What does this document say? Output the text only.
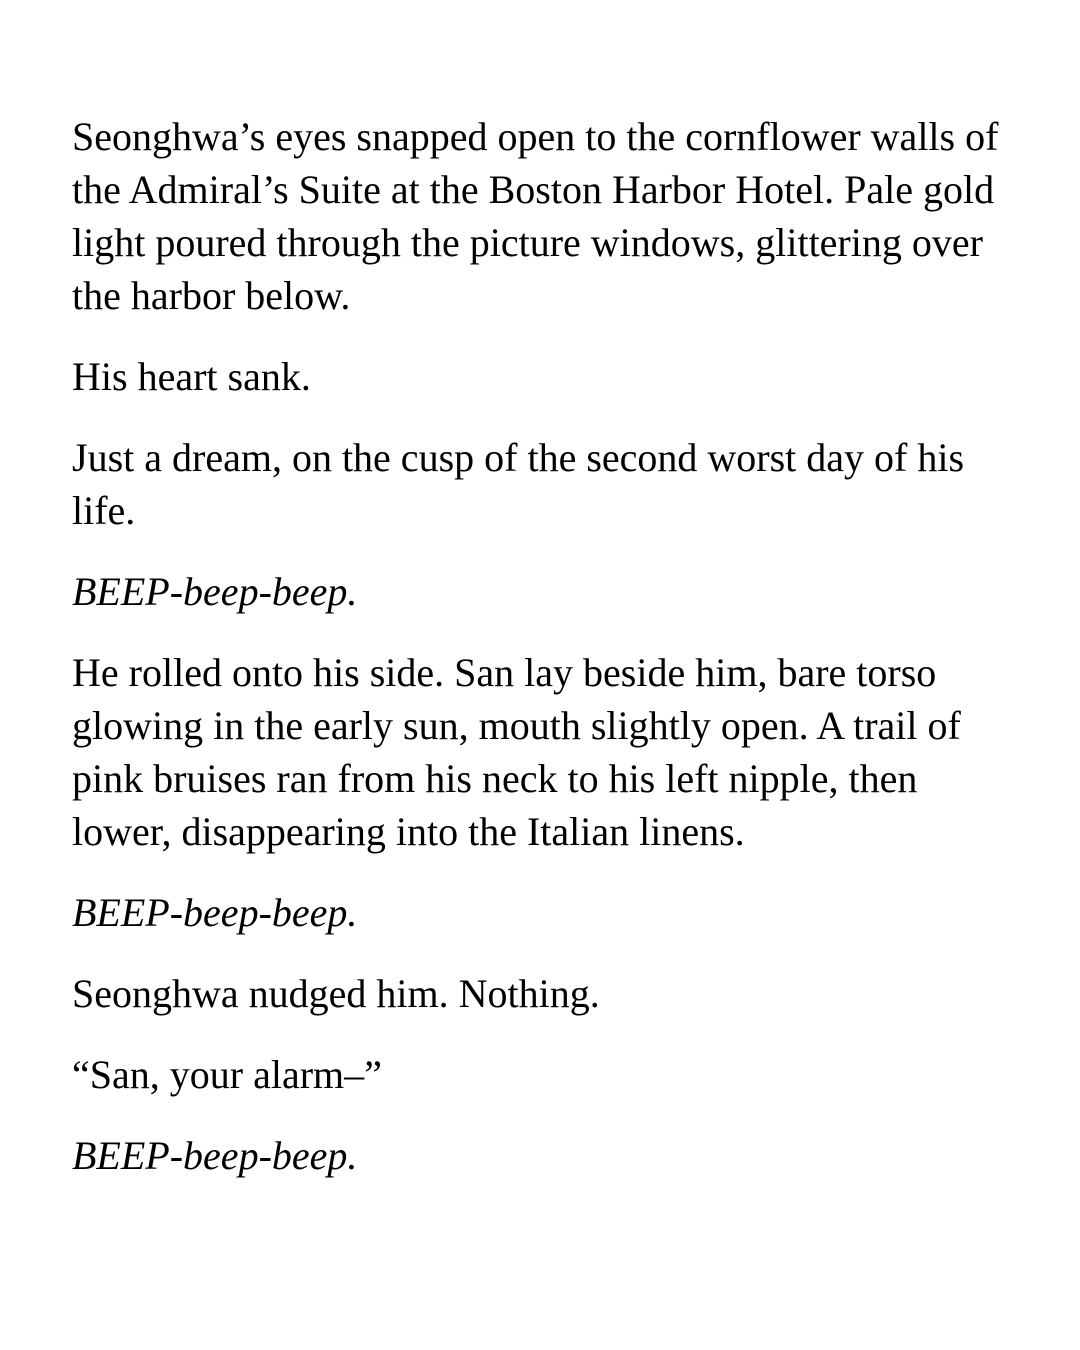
Seonghwa’s eyes snapped open to the cornflower walls of the Admiral’s Suite at the Boston Harbor Hotel. Pale gold light poured through the picture windows, glittering over the harbor below.

His heart sank.

Just a dream, on the cusp of the second worst day of his life.

BEEP-beep-beep.

He rolled onto his side. San lay beside him, bare torso glowing in the early sun, mouth slightly open. A trail of pink bruises ran from his neck to his left nipple, then lower, disappearing into the Italian linens.

BEEP-beep-beep.

Seonghwa nudged him. Nothing.

“San, your alarm–”

BEEP-beep-beep.
